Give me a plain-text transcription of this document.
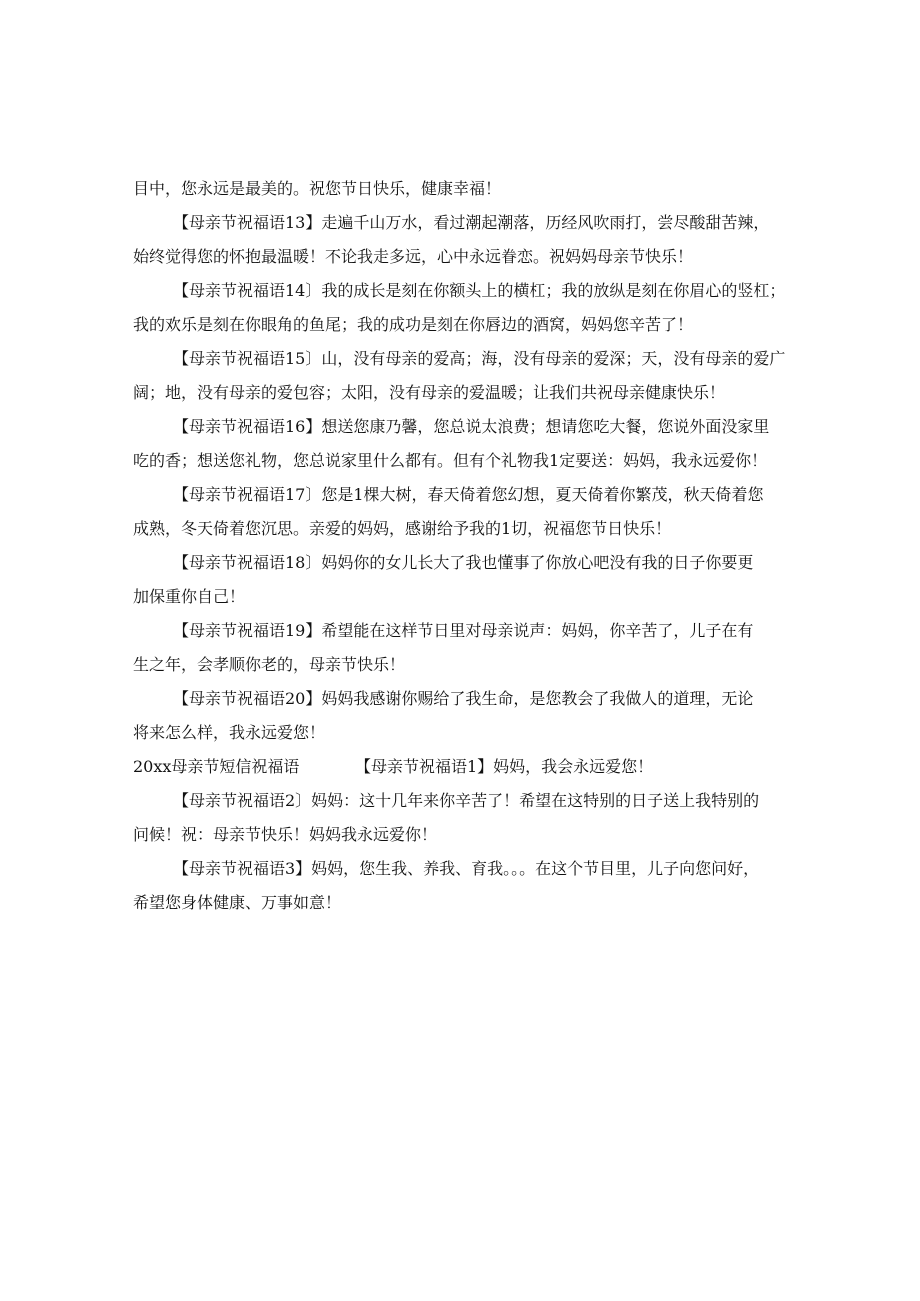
目中，您永远是最美的。祝您节日快乐，健康幸福！
【母亲节祝福语13】走遍千山万水，看过潮起潮落，历经风吹雨打，尝尽酸甜苦辣，
始终觉得您的怀抱最温暖！不论我走多远，心中永远眷恋。祝妈妈母亲节快乐！
【母亲节祝福语14〕我的成长是刻在你额头上的横杠；我的放纵是刻在你眉心的竖杠；
我的欢乐是刻在你眼角的鱼尾；我的成功是刻在你唇边的酒窝，妈妈您辛苦了！
【母亲节祝福语15〕山，没有母亲的爱高；海，没有母亲的爱深；天，没有母亲的爱广
阔；地，没有母亲的爱包容；太阳，没有母亲的爱温暖；让我们共祝母亲健康快乐！
【母亲节祝福语16】想送您康乃馨，您总说太浪费；想请您吃大餐，您说外面没家里
吃的香；想送您礼物，您总说家里什么都有。但有个礼物我1定要送：妈妈，我永远爱你！
【母亲节祝福语17〕您是1棵大树，春天倚着您幻想，夏天倚着你繁茂，秋天倚着您
成熟，冬天倚着您沉思。亲爱的妈妈，感谢给予我的1切，祝福您节日快乐！
【母亲节祝福语18〕妈妈你的女儿长大了我也懂事了你放心吧没有我的日子你要更
加保重你自己！
【母亲节祝福语19】希望能在这样节日里对母亲说声：妈妈，你辛苦了，儿子在有
生之年，会孝顺你老的，母亲节快乐！
【母亲节祝福语20】妈妈我感谢你赐给了我生命，是您教会了我做人的道理，无论
将来怎么样，我永远爱您！
20xx母亲节短信祝福语	【母亲节祝福语1】妈妈，我会永远爱您！
【母亲节祝福语2〕妈妈：这十几年来你辛苦了！希望在这特别的日子送上我特别的
问候！祝：母亲节快乐！妈妈我永远爱你！
【母亲节祝福语3】妈妈，您生我、养我、育我。。。在这个节目里，儿子向您问好，
希望您身体健康、万事如意！
